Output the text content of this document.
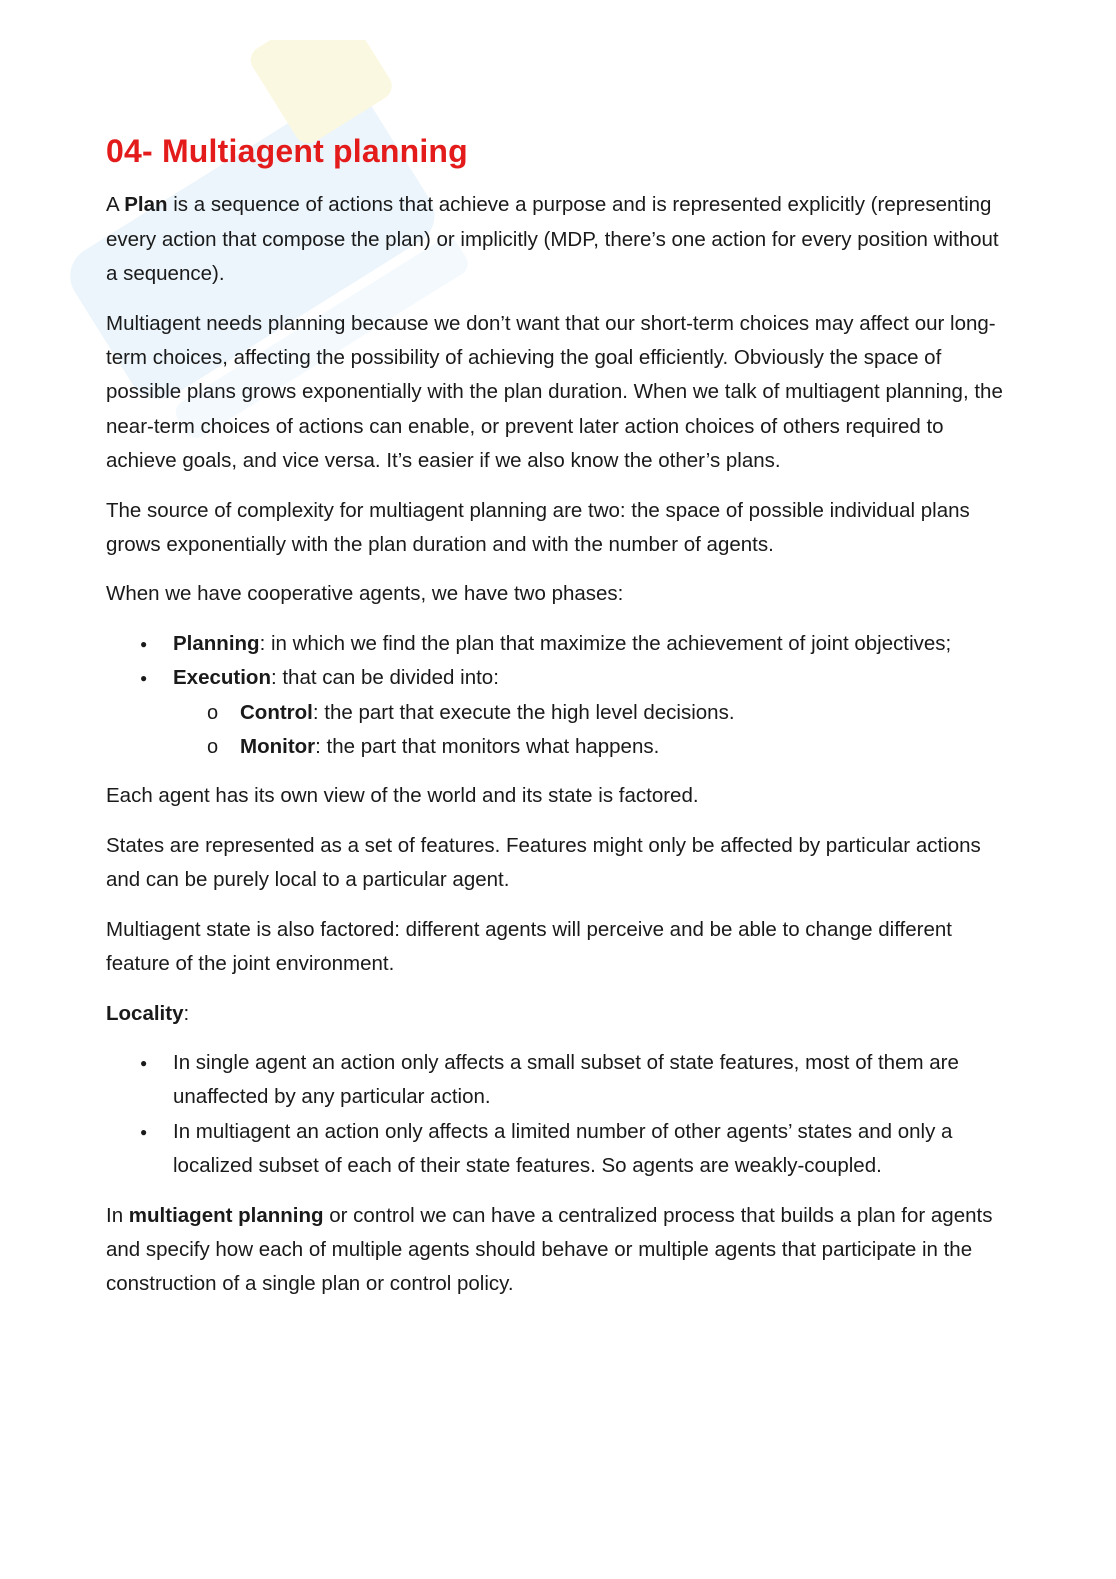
04- Multiagent planning

A Plan is a sequence of actions that achieve a purpose and is represented explicitly (representing every action that compose the plan) or implicitly (MDP, there’s one action for every position without a sequence).

Multiagent needs planning because we don’t want that our short-term choices may affect our long-term choices, affecting the possibility of achieving the goal efficiently. Obviously the space of possible plans grows exponentially with the plan duration. When we talk of multiagent planning, the near-term choices of actions can enable, or prevent later action choices of others required to achieve goals, and vice versa. It’s easier if we also know the other’s plans.

The source of complexity for multiagent planning are two: the space of possible individual plans grows exponentially with the plan duration and with the number of agents.

When we have cooperative agents, we have two phases:

● Planning: in which we find the plan that maximize the achievement of joint objectives;
● Execution: that can be divided into:
o Control: the part that execute the high level decisions.
o Monitor: the part that monitors what happens.

Each agent has its own view of the world and its state is factored.

States are represented as a set of features. Features might only be affected by particular actions and can be purely local to a particular agent.

Multiagent state is also factored: different agents will perceive and be able to change different feature of the joint environment.

Locality:

● In single agent an action only affects a small subset of state features, most of them are unaffected by any particular action.
● In multiagent an action only affects a limited number of other agents’ states and only a localized subset of each of their state features. So agents are weakly-coupled.

In multiagent planning or control we can have a centralized process that builds a plan for agents and specify how each of multiple agents should behave or multiple agents that participate in the construction of a single plan or control policy.
